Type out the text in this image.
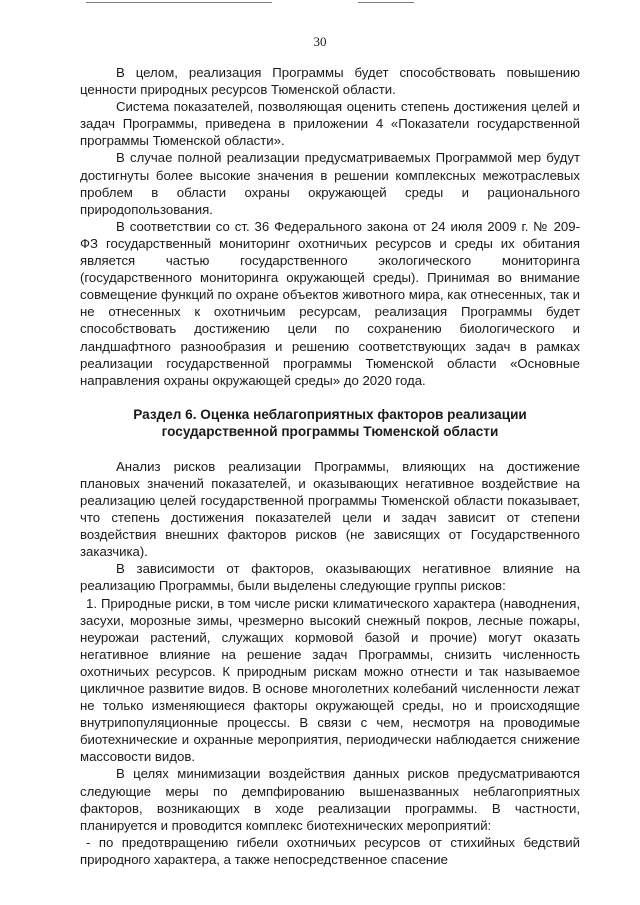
30

В целом, реализация Программы будет способствовать повышению ценности природных ресурсов Тюменской области.

Система показателей, позволяющая оценить степень достижения целей и задач Программы, приведена в приложении 4 «Показатели государственной программы Тюменской области».

В случае полной реализации предусматриваемых Программой мер будут достигнуты более высокие значения в решении комплексных межотраслевых проблем в области охраны окружающей среды и рационального природопользования.

В соответствии со ст. 36 Федерального закона от 24 июля 2009 г. № 209-ФЗ государственный мониторинг охотничьих ресурсов и среды их обитания является частью государственного экологического мониторинга (государственного мониторинга окружающей среды). Принимая во внимание совмещение функций по охране объектов животного мира, как отнесенных, так и не отнесенных к охотничьим ресурсам, реализация Программы будет способствовать достижению цели по сохранению биологического и ландшафтного разнообразия и решению соответствующих задач в рамках реализации государственной программы Тюменской области «Основные направления охраны окружающей среды» до 2020 года.

Раздел 6. Оценка неблагоприятных факторов реализации государственной программы Тюменской области

Анализ рисков реализации Программы, влияющих на достижение плановых значений показателей, и оказывающих негативное воздействие на реализацию целей государственной программы Тюменской области показывает, что степень достижения показателей цели и задач зависит от степени воздействия внешних факторов рисков (не зависящих от Государственного заказчика).

В зависимости от факторов, оказывающих негативное влияние на реализацию Программы, были выделены следующие группы рисков:

1. Природные риски, в том числе риски климатического характера (наводнения, засухи, морозные зимы, чрезмерно высокий снежный покров, лесные пожары, неурожаи растений, служащих кормовой базой и прочие) могут оказать негативное влияние на решение задач Программы, снизить численность охотничьих ресурсов. К природным рискам можно отнести и так называемое цикличное развитие видов. В основе многолетних колебаний численности лежат не только изменяющиеся факторы окружающей среды, но и происходящие внутрипопуляционные процессы. В связи с чем, несмотря на проводимые биотехнические и охранные мероприятия, периодически наблюдается снижение массовости видов.

В целях минимизации воздействия данных рисков предусматриваются следующие меры по демпфированию вышеназванных неблагоприятных факторов, возникающих в ходе реализации программы. В частности, планируется и проводится комплекс биотехнических мероприятий:

- по предотвращению гибели охотничьих ресурсов от стихийных бедствий природного характера, а также непосредственное спасение
